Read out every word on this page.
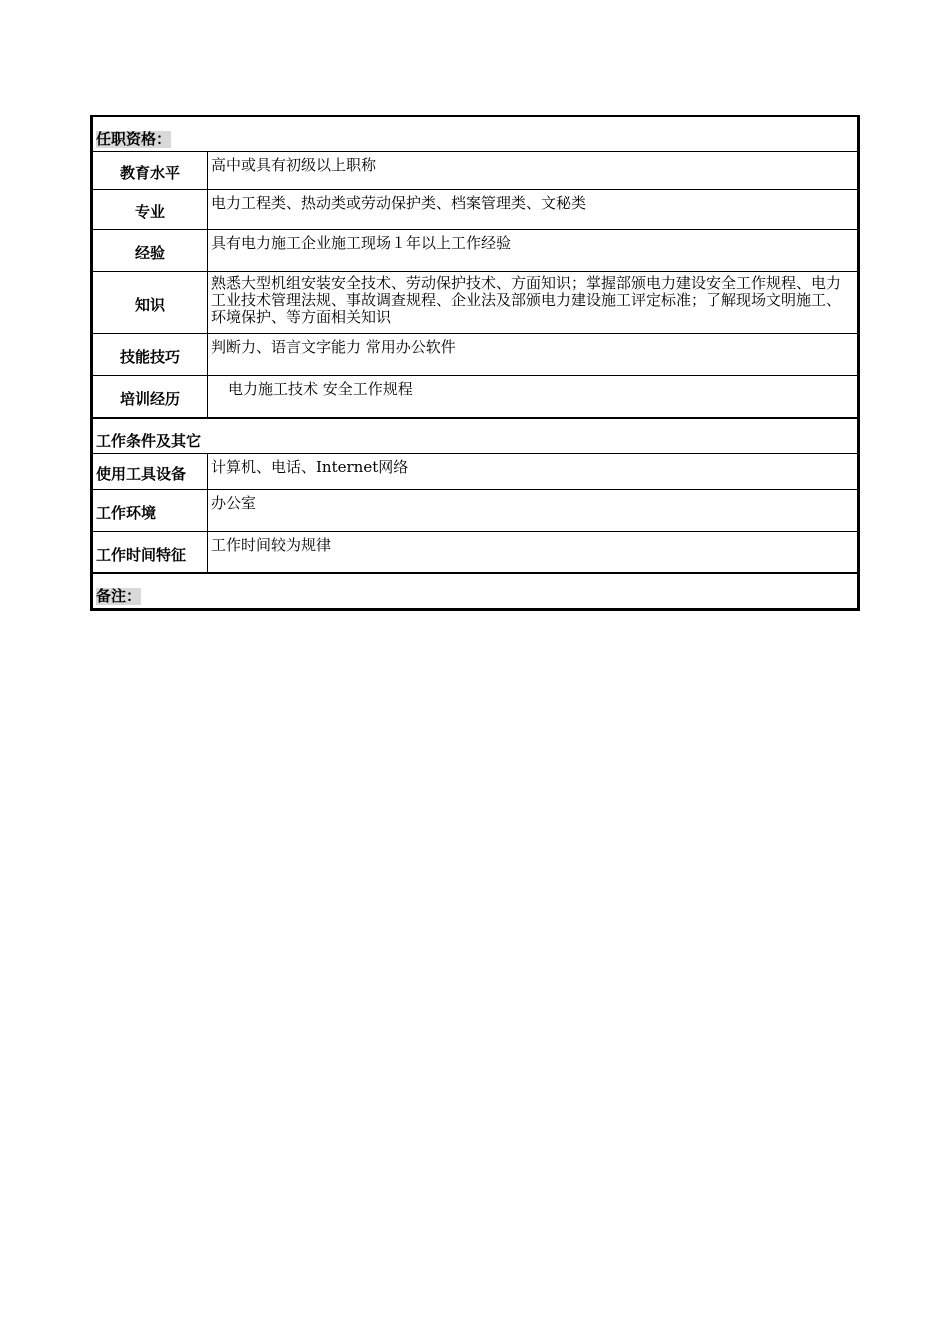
任职资格：	

教育水平	高中或具有初级以上职称

专业	电力工程类、热动类或劳动保护类、档案管理类、文秘类

经验	具有电力施工企业施工现场１年以上工作经验

知识	熟悉大型机组安装安全技术、劳动保护技术、方面知识；掌握部颁电力建设安全工作规程、电力工业技术管理法规、事故调查规程、企业法及部颁电力建设施工评定标准；了解现场文明施工、环境保护、等方面相关知识

技能技巧	判断力、语言文字能力 常用办公软件

培训经历	电力施工技术 安全工作规程
工作条件及其它	

使用工具设备	计算机、电话、Internet网络

工作环境	办公室

工作时间特征	工作时间较为规律
备注：	
